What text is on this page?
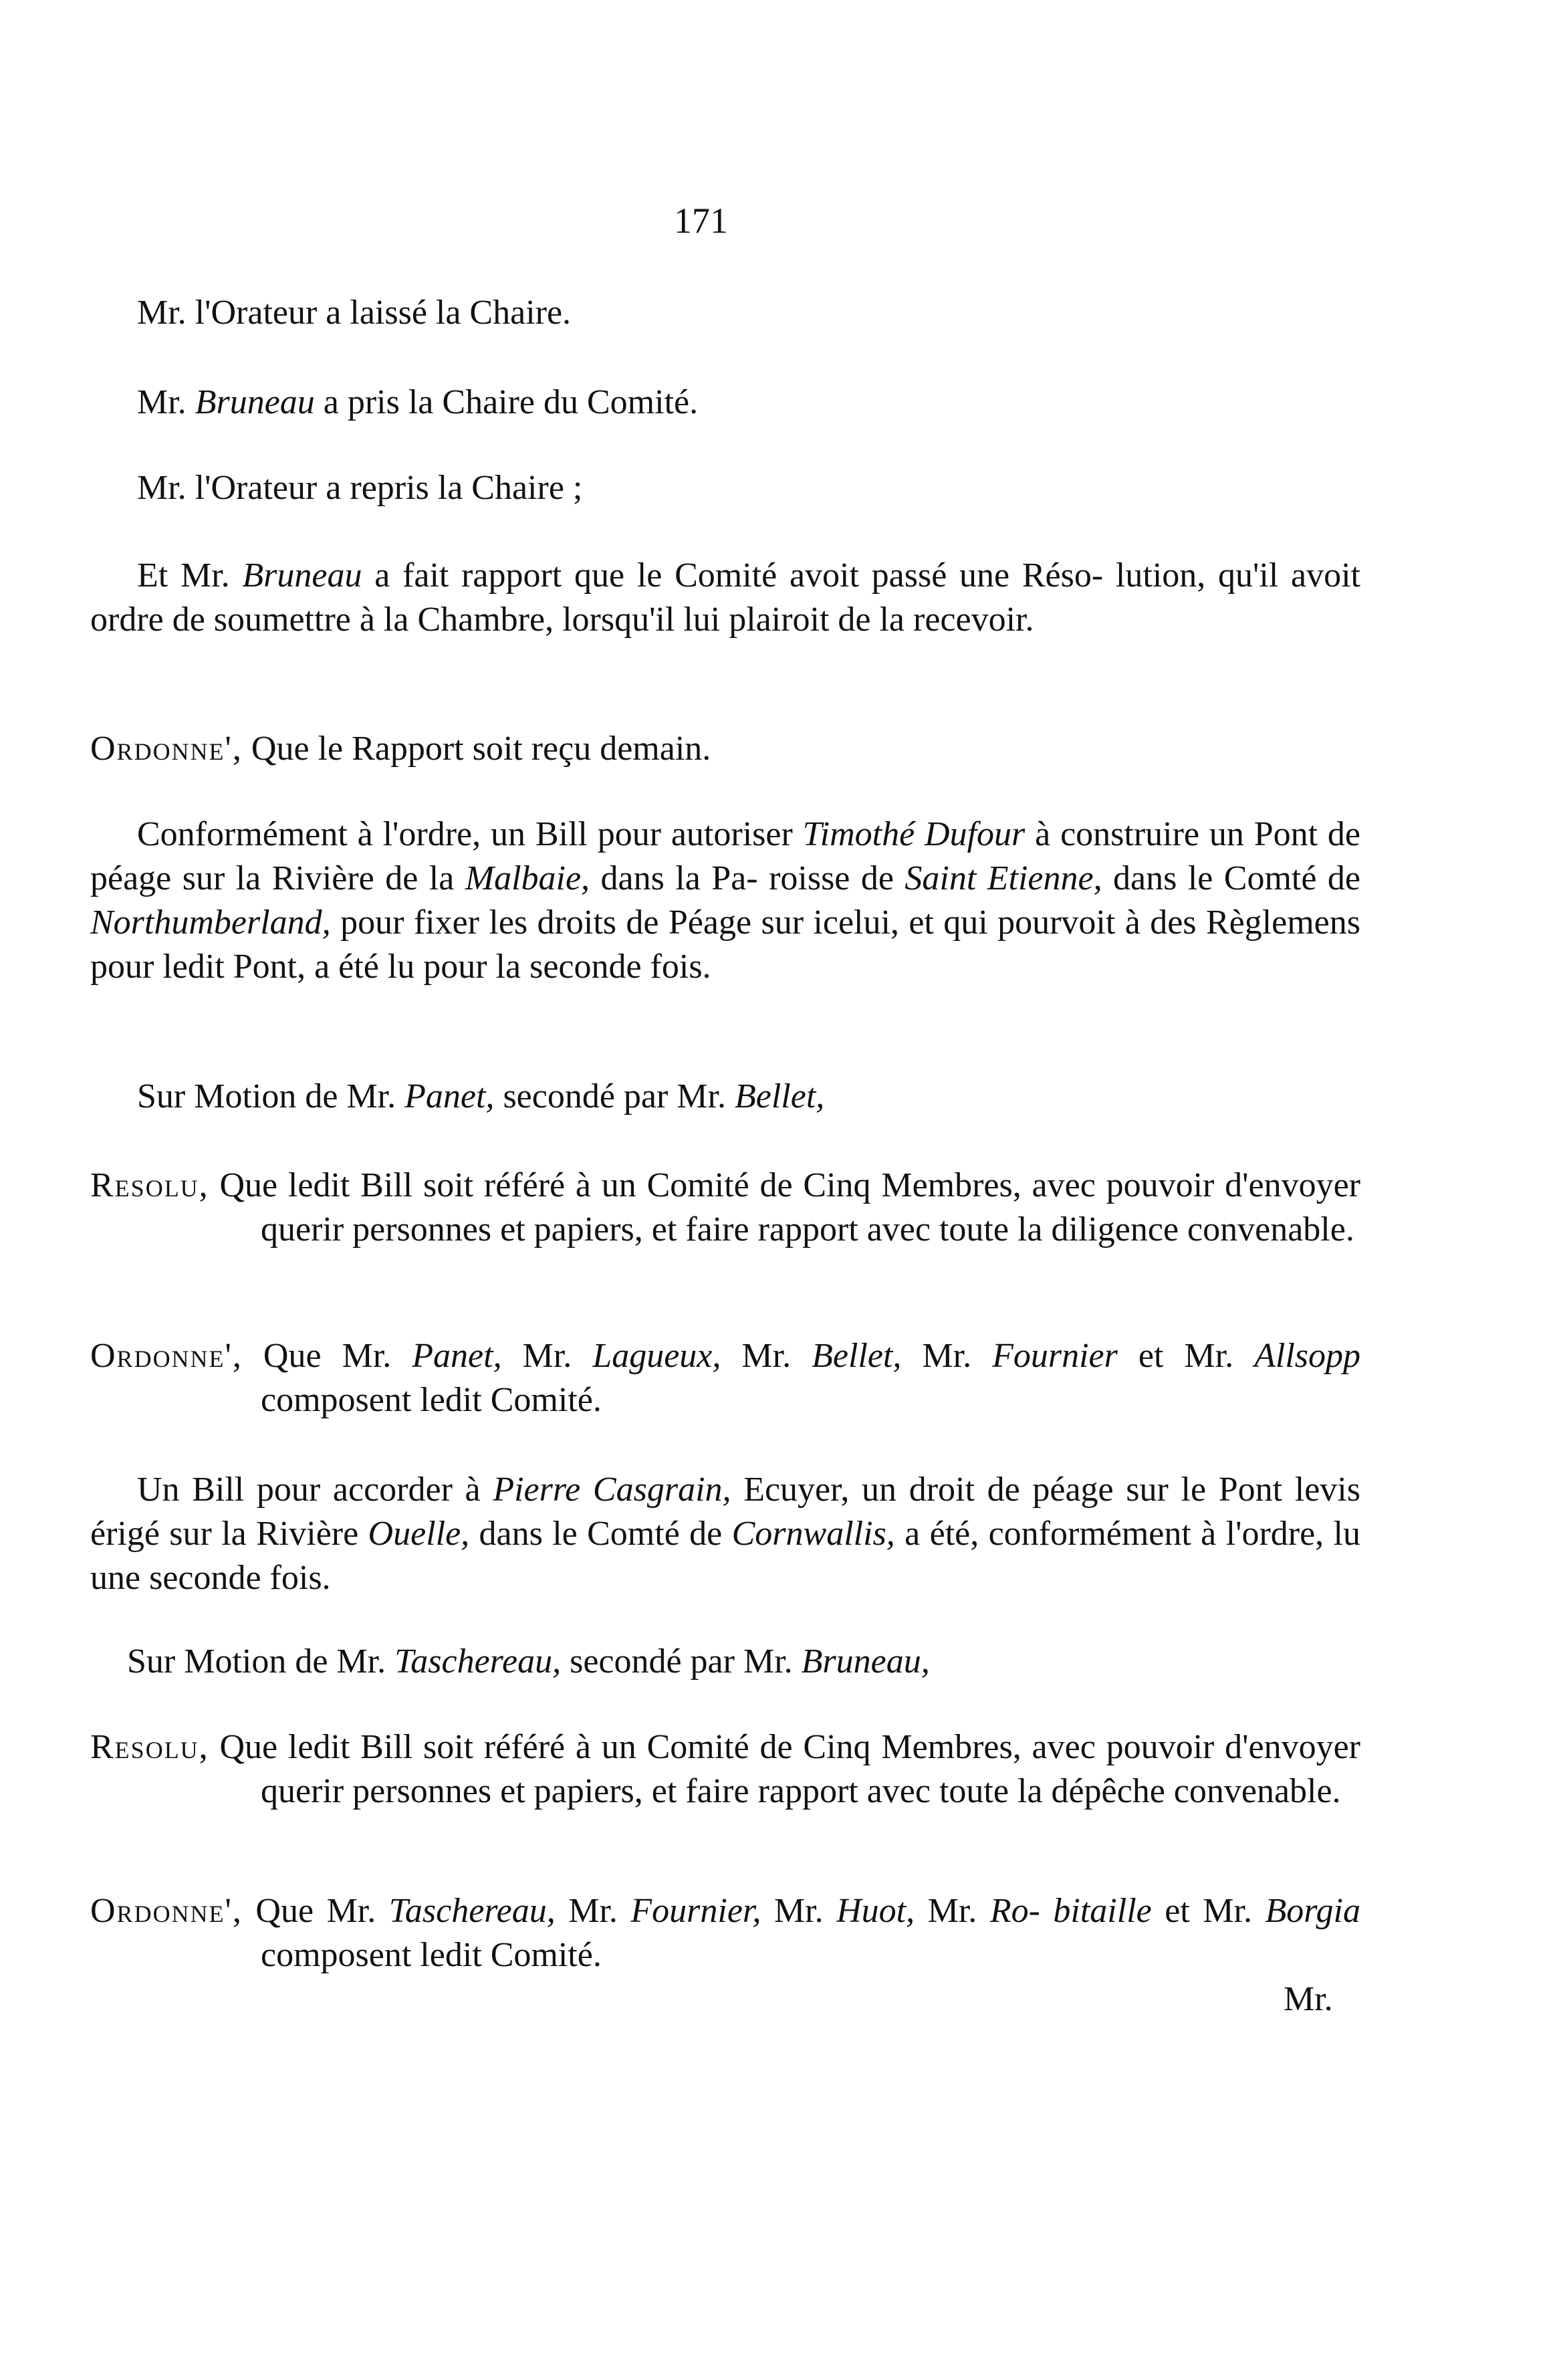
171
Mr. l'Orateur a laissé la Chaire.
Mr. Bruneau a pris la Chaire du Comité.
Mr. l'Orateur a repris la Chaire ;
Et Mr. Bruneau a fait rapport que le Comité avoit passé une Réso- lution, qu'il avoit ordre de soumettre à la Chambre, lorsqu'il lui plairoit de la recevoir.
Ordonne', Que le Rapport soit reçu demain.
Conformément à l'ordre, un Bill pour autoriser Timothé Dufour à construire un Pont de péage sur la Rivière de la Malbaie, dans la Pa- roisse de Saint Etienne, dans le Comté de Northumberland, pour fixer les droits de Péage sur icelui, et qui pourvoit à des Règlemens pour ledit Pont, a été lu pour la seconde fois.
Sur Motion de Mr. Panet, secondé par Mr. Bellet,
Resolu, Que ledit Bill soit référé à un Comité de Cinq Membres, avec pouvoir d'envoyer querir personnes et papiers, et faire rapport avec toute la diligence convenable.
Ordonne', Que Mr. Panet, Mr. Lagueux, Mr. Bellet, Mr. Fournier et Mr. Allsopp composent ledit Comité.
Un Bill pour accorder à Pierre Casgrain, Ecuyer, un droit de péage sur le Pont levis érigé sur la Rivière Ouelle, dans le Comté de Cornwallis, a été, conformément à l'ordre, lu une seconde fois.
Sur Motion de Mr. Taschereau, secondé par Mr. Bruneau,
Resolu, Que ledit Bill soit référé à un Comité de Cinq Membres, avec pouvoir d'envoyer querir personnes et papiers, et faire rapport avec toute la dépêche convenable.
Ordonne', Que Mr. Taschereau, Mr. Fournier, Mr. Huot, Mr. Ro- bitaille et Mr. Borgia composent ledit Comité.
Mr.
